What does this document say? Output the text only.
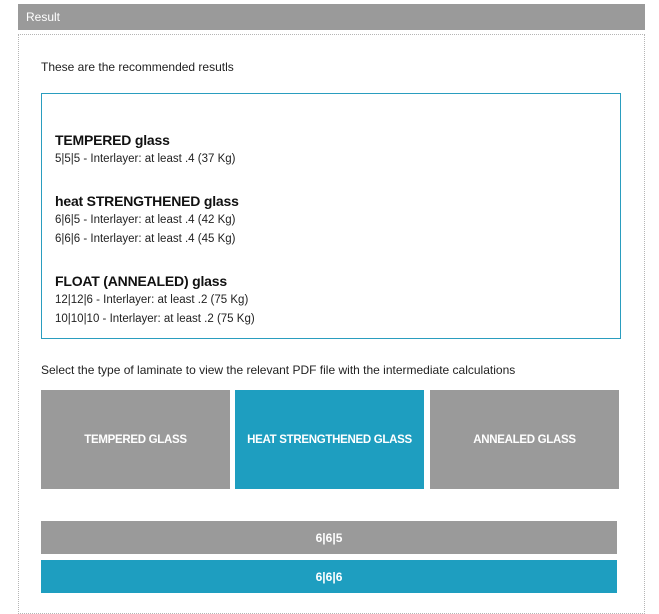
Result
These are the recommended resutls
TEMPERED glass
5|5|5 - Interlayer: at least .4 (37 Kg)
heat STRENGTHENED glass
6|6|5 - Interlayer: at least .4 (42 Kg)
6|6|6 - Interlayer: at least .4 (45 Kg)
FLOAT (ANNEALED) glass
12|12|6 - Interlayer: at least .2 (75 Kg)
10|10|10 - Interlayer: at least .2 (75 Kg)
Select the type of laminate to view the relevant PDF file with the intermediate calculations
TEMPERED GLASS	HEAT STRENGTHENED GLASS	ANNEALED GLASS
6|6|5
6|6|6
